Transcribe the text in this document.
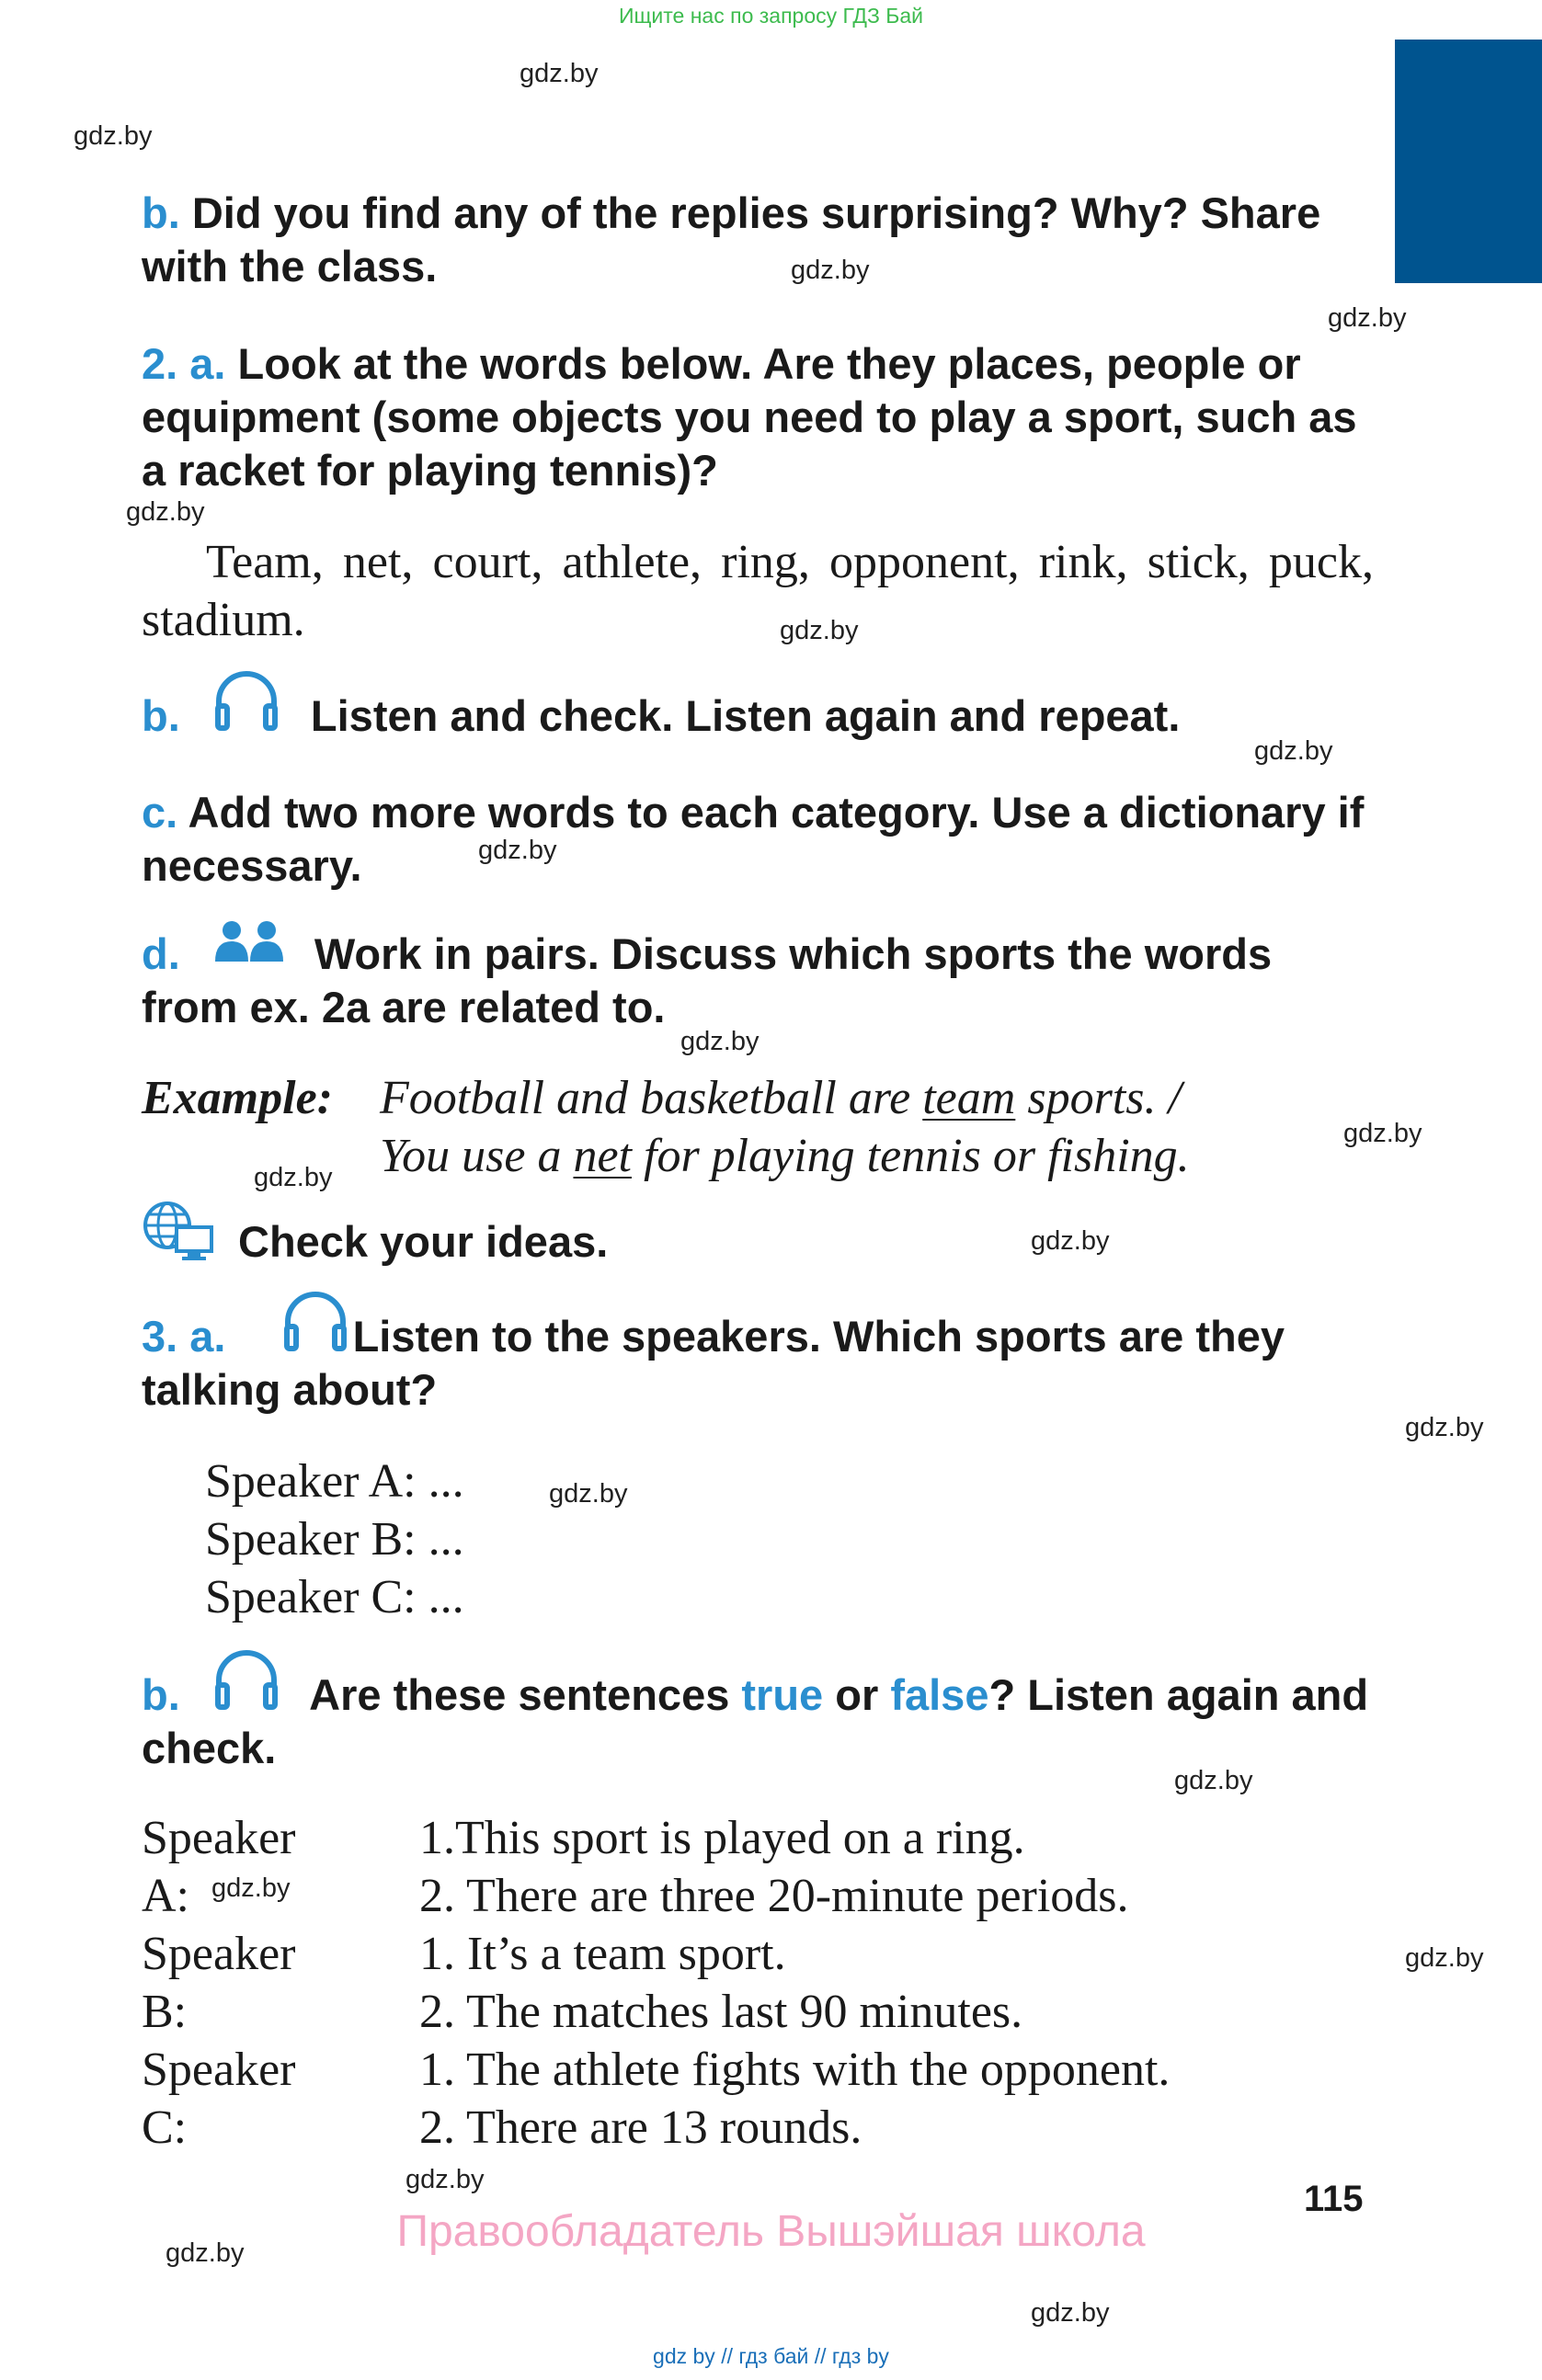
Ищите нас по запросу ГДЗ Бай
gdz.by
gdz.by
gdz.by
gdz.by
gdz.by
gdz.by
gdz.by
gdz.by
gdz.by
gdz.by
gdz.by
gdz.by
gdz.by
gdz.by
gdz.by
gdz.by
gdz.by
gdz.by
gdz.by
gdz.by
b. Did you find any of the replies surprising? Why? Share with the class.
2. a. Look at the words below. Are they places, people or equipment (some objects you need to play a sport, such as a racket for playing tennis)?
Team, net, court, athlete, ring, opponent, rink, stick, puck, stadium.
b.	Listen and check. Listen again and repeat.
c. Add two more words to each category. Use a dictionary if necessary.
d.	Work in pairs. Discuss which sports the words from ex. 2a are related to.
Example: Football and basketball are team sports. /
You use a net for playing tennis or fishing.
Check your ideas.
3. a.	Listen to the speakers. Which sports are they talking about?
Speaker A: ...
Speaker B: ...
Speaker C: ...
b.	Are these sentences true or false? Listen again and check.
Speaker A:
1.This sport is played on a ring.
2. There are three 20-minute periods.
Speaker B:
1. It’s a team sport.
2. The matches last 90 minutes.
Speaker C:
1. The athlete fights with the opponent.
2. There are 13 rounds.
115
Правообладатель Вышэйшая школа
gdz by // гдз бай // гдз by
